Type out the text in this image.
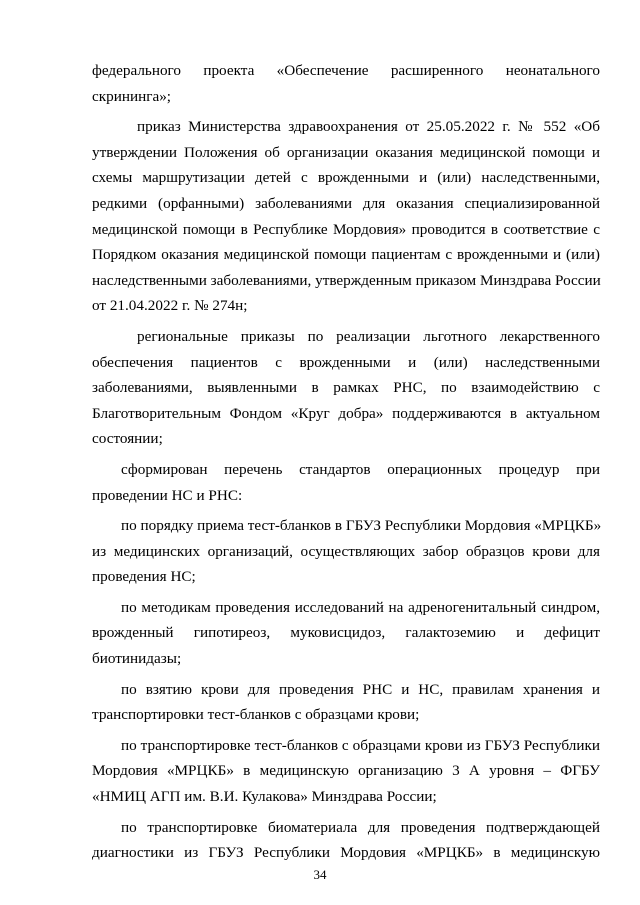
федерального проекта «Обеспечение расширенного неонатального
скрининга»;
приказ Министерства здравоохранения от 25.05.2022 г. № 552 «Об
утверждении Положения об организации оказания медицинской помощи и
схемы маршрутизации детей с врожденными и (или) наследственными,
редкими (орфанными) заболеваниями для оказания специализированной
медицинской помощи в Республике Мордовия» проводится в соответствие с
Порядком оказания медицинской помощи пациентам с врожденными и (или)
наследственными заболеваниями, утвержденным приказом Минздрава России
от 21.04.2022 г. № 274н;
региональные приказы по реализации льготного лекарственного
обеспечения пациентов с врожденными и (или) наследственными
заболеваниями, выявленными в рамках РНС, по взаимодействию с
Благотворительным Фондом «Круг добра» поддерживаются в актуальном
состоянии;
сформирован перечень стандартов операционных процедур при
проведении НС и РНС:
по порядку приема тест-бланков в ГБУЗ Республики Мордовия «МРЦКБ»
из медицинских организаций, осуществляющих забор образцов крови для
проведения НС;
по методикам проведения исследований на адреногенитальный синдром,
врожденный гипотиреоз, муковисцидоз, галактоземию и дефицит
биотинидазы;
по взятию крови для проведения РНС и НС, правилам хранения и
транспортировки тест-бланков с образцами крови;
по транспортировке тест-бланков с образцами крови из ГБУЗ Республики
Мордовия «МРЦКБ» в медицинскую организацию 3 А уровня – ФГБУ
«НМИЦ АГП им. В.И. Кулакова» Минздрава России;
по транспортировке биоматериала для проведения подтверждающей
диагностики из ГБУЗ Республики Мордовия «МРЦКБ» в медицинскую
34
